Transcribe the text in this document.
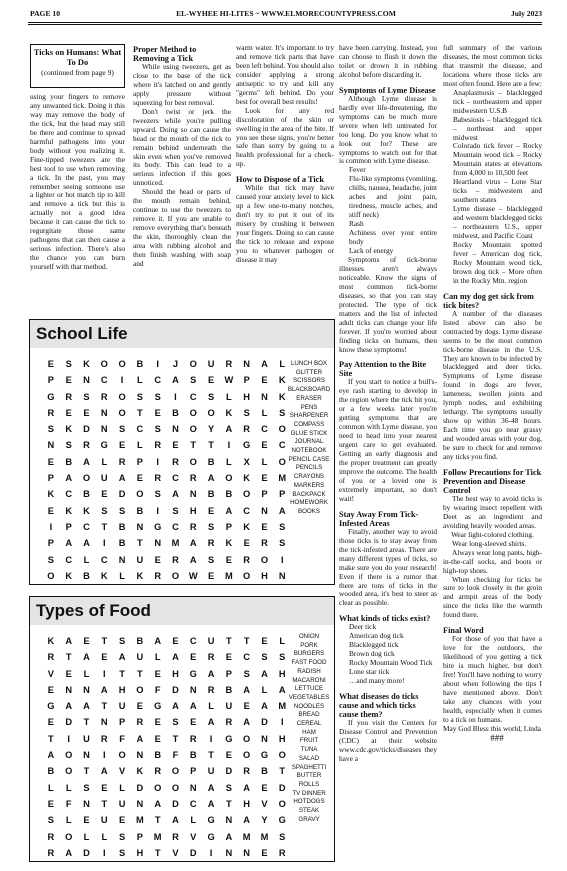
PAGE 10	EL-WYHEE HI-LITES ~ WWW.ELMORECOUNTYPRESS.COM	July 2023
Ticks on Humans: What To Do
(continued from page 9)

using your fingers to remove any unwanted tick. Doing it this way may remove the body of the tick, but the head may still be there and continue to spread harmful pathogens into your body without you realizing it. Fine-tipped tweezers are the best tool to use when removing a tick. In the past, you may remember seeing someone use a lighter or hot match tip to kill and remove a tick but this is actually not a good idea because it can cause the tick to regurgitate those same pathogens that can then cause a serious infection. There's also the chance you can burn yourself with that method.

Proper Method to Removing a Tick

While using tweezers, get as close to the base of the tick where it's latched on and gently apply pressure without squeezing for best removal.

Don't twist or jerk the tweezers while you're pulling upward. Doing so can cause the head or the mouth of the tick to remain behind underneath the skin even when you've removed its body. This can lead to a serious infection if this goes unnoticed.

Should the head or parts of the mouth remain behind, continue to use the tweezers to remove it. If you are unable to remove everything that's beneath the skin, thoroughly clean the area with rubbing alcohol and then finish washing with soap and

warm water. It's important to try and remove tick parts that have been left behind. You should also consider applying a strong antiseptic to try and kill any "germs" left behind. Do your best for overall best results!

Look for any red discoloration of the skin or swelling in the area of the bite. If you see these signs, you're better safe than sorry by going to a health professional for a check-up.

How to Dispose of a Tick

While that tick may have caused your anxiety level to kick up a few one-to-many notches, don't try to put it out of its misery by crushing it between your fingers. Doing so can cause the tick to release and expose you to whatever pathogen or disease it may

School Life
E S K O O B I J O U R N A L
P E N C I L C A S E W P E K
G R S R O S S I C S L H N K
R E E N O T E B O O K S L S
S K D N S C S N O Y A R C O
N S R G E L R E T T I G E C
E B A L R P I R O B L X L O
P A O U A E R C R A O K E M
K C B E D O S A N B B O P P
E K K S S B I S H E A C N A
I P C T B N G C R S P K E S
P A A I B T N M A R K E R S
S C L C N U E R A S E R O I
O K B K L K R O W E M O H N
LUNCH BOX
GLITTER
SCISSORS
BLACKBOARD
ERASER
PENS
SHARPENER
COMPASS
GLUE STICK
JOURNAL
NOTEBOOK
PENCIL CASE
PENCILS
CRAYONS
MARKERS
BACKPACK
HOMEWORK
BOOKS
Types of Food
K A E T S B A E C U T T E L
R T A E A U L A E R E C S S
V E L I T T E H G A P S A H
E N N A H O F D N R B A L A
G A A T U E G A A L U E A M
E D T N P R E S E A R A D I
T I U R F A E T R I G O N H
A O N I O N B F B T E O G O
B O T A V K R O P U D R B T
L L S E L D O O N A S A E D
E F N T U N A D C A T H V O
S L E U E M T A L G N A Y G
R O L L S P M R V G A M M S
R A D I S H T V D I N N E R
ONION
PORK
BURGERS
FAST FOOD
RADISH
MACARONI
LETTUCE
VEGETABLES
NOODLES
BREAD
CEREAL
HAM
FRUIT
TUNA
SALAD
SPAGHETTI
BUTTER
ROLLS
TV DINNER
HOTDOGS
STEAK
GRAVY

have been carrying. Instead, you can choose to flush it down the toilet or drown it in rubbing alcohol before discarding it.

Symptoms of Lyme Disease

Although Lyme disease is hardly ever life-threatening, the symptoms can be much more severe when left untreated for too long. Do you know what to look out for? These are symptoms to watch out for that is common with Lyme disease.

Fever

Flu-like symptoms (vomiting, chills, nausea, headache, joint aches and joint pain, tiredness, muscle aches, and stiff neck)

Rash

Achiness over your entire body

Lack of energy

Symptoms of tick-borne illnesses aren't always noticeable. Know the signs of most common tick-borne diseases, so that you can stay protected. The type of tick matters and the list of infected adult ticks can change your life forever. If you're worried about finding ticks on humans, then know these symptoms!

Pay Attention to the Bite Site

If you start to notice a bull's-eye rash starting to develop in the region where the tick bit you, or a few weeks later you're getting symptoms that are common with Lyme disease, you need to head into your nearest urgent care to get evaluated. Getting an early diagnosis and the proper treatment can greatly improve the outcome. The health of you or a loved one is extremely important, so don't wait!

Stay Away From Tick-Infested Areas

Finally, another way to avoid those ticks is to stay away from the tick-infested areas. There are many different types of ticks, so make sure you do your research! Even if there is a rumor that there are tons of ticks in the wooded area, it's best to steer as clear as possible.

What kinds of ticks exist?

Deer tick

American dog tick

Blacklegged tick

Brown dog tick

Rocky Mountain Wood Tick

Lone star tick

…and many more!

What diseases do ticks cause and which ticks cause them?

If you visit the Centers for Disease Control and Prevention (CDC) at their website www.cdc.gov/ticks/diseases they have a

full summary of the various diseases, the most common ticks that transmit the disease, and locations where those ticks are most often found. Here are a few:

Anaplasmosis – blacklegged tick – northeastern and upper midwestern U.S.B

Babesiosis – blacklegged tick – northeast and upper midwest

Colorado tick fever – Rocky Mountain wood tick – Rocky Mountain states at elevations from 4,000 to 10,500 feet

Heartland virus – Lone Star ticks – midwestern and southern states

Lyme disease – blacklegged and western blacklegged ticks – northeastern U.S., upper midwest, and Pacific Coast

Rocky Mountain spotted fever – American dog tick, Rocky Mountain wood tick, brown dog tick – More often in the Rocky Mtn. region

Can my dog get sick from tick bites?

A number of the diseases listed above can also be contracted by dogs. Lyme disease seems to be the most common tick-borne disease in the U.S. They are known to be infected by blacklegged and deer ticks. Symptoms of Lyme disease found in dogs are fever, lameness, swollen joints and lymph nodes, and exhibiting lethargy. The symptoms usually show up within 36-48 hours. Each time you go near grassy and wooded areas with your dog, be sure to check for and remove any ticks you find.

Follow Precautions for Tick Prevention and Disease Control

The best way to avoid ticks is by wearing insect repellent with Deet as an ingredient and avoiding heavily wooded areas.

Wear light-colored clothing.

Wear long-sleeved shirts.

Always wear long pants, high-in-the-calf socks, and boots or high-top shoes.

When checking for ticks be sure to look closely in the groin and armpit areas of the body since the ticks like the warmth found there.

Final Word

For those of you that have a love for the outdoors, the likelihood of you getting a tick bite is much higher, but don't fret! You'll have nothing to worry about when following the tips I have mentioned above. Don't take any chances with your health, especially when it comes to a tick on humans.

May God Bless this world, Linda

###
